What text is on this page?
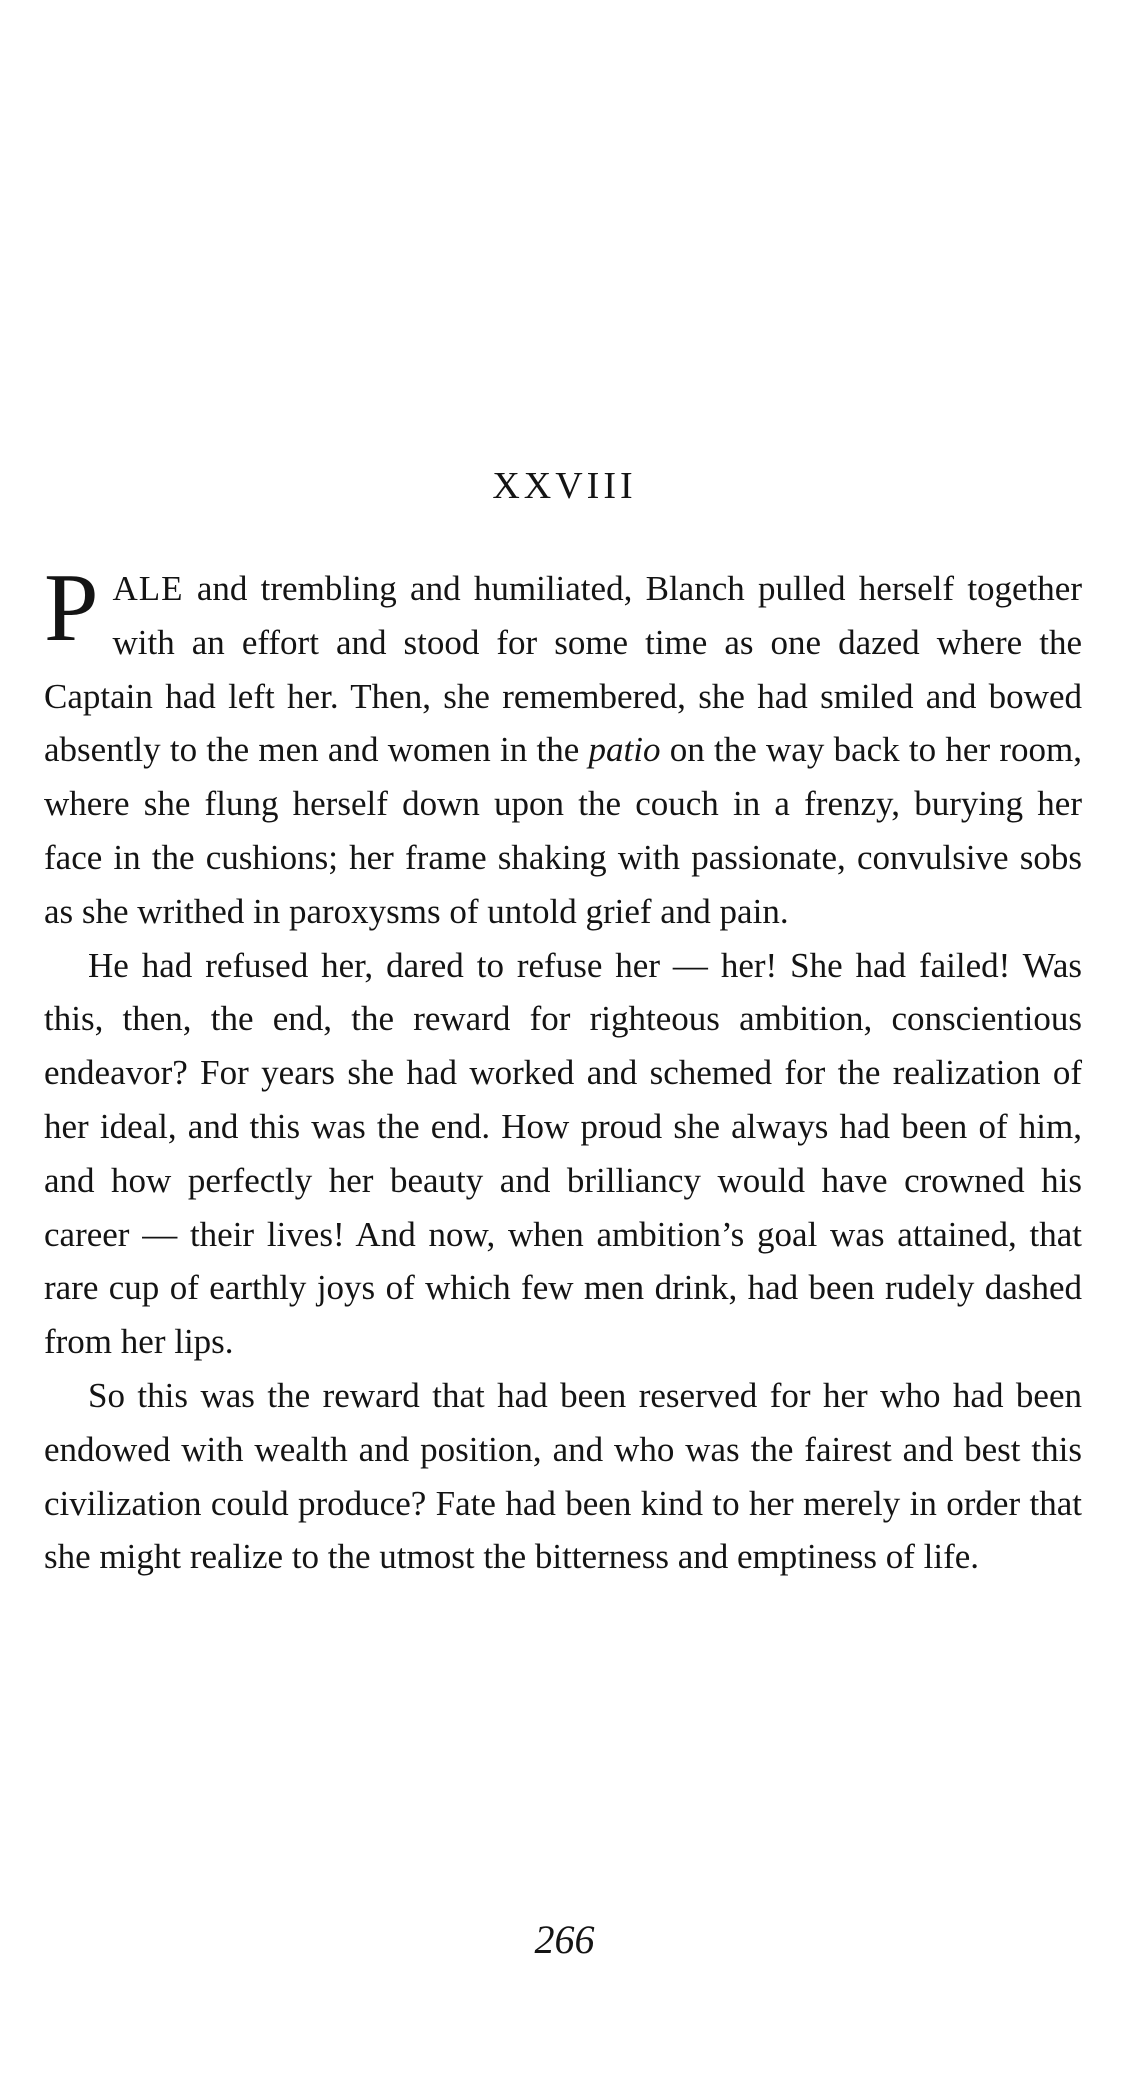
XXVIII

PALE and trembling and humiliated, Blanch pulled herself together with an effort and stood for some time as one dazed where the Captain had left her. Then, she remembered, she had smiled and bowed absently to the men and women in the patio on the way back to her room, where she flung herself down upon the couch in a frenzy, burying her face in the cushions; her frame shaking with passionate, convulsive sobs as she writhed in paroxysms of untold grief and pain.

He had refused her, dared to refuse her — her! She had failed! Was this, then, the end, the reward for righteous ambition, conscientious endeavor? For years she had worked and schemed for the realization of her ideal, and this was the end. How proud she always had been of him, and how perfectly her beauty and brilliancy would have crowned his career — their lives! And now, when ambition’s goal was attained, that rare cup of earthly joys of which few men drink, had been rudely dashed from her lips.

So this was the reward that had been reserved for her who had been endowed with wealth and position, and who was the fairest and best this civilization could produce? Fate had been kind to her merely in order that she might realize to the utmost the bitterness and emptiness of life.

266
